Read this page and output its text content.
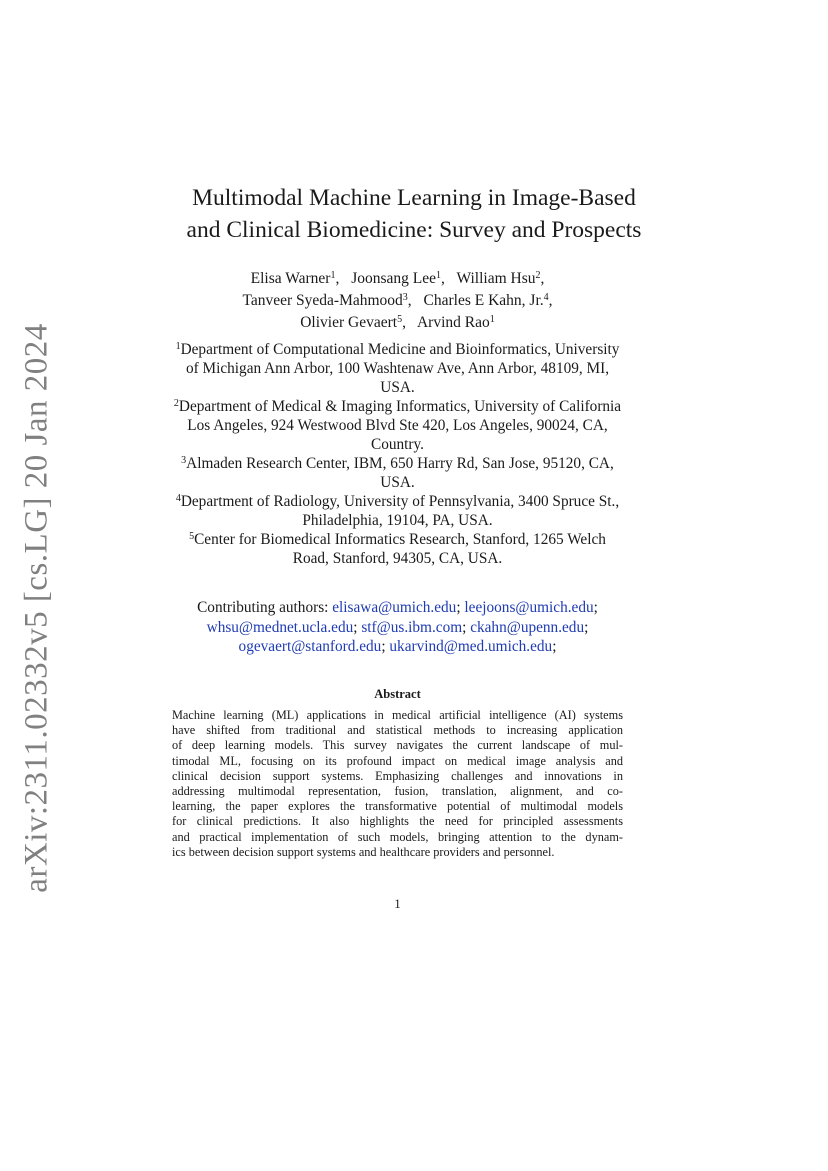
arXiv:2311.02332v5 [cs.LG] 20 Jan 2024
Multimodal Machine Learning in Image-Based
and Clinical Biomedicine: Survey and Prospects
Elisa Warner$^1$, Joonsang Lee$^1$, William Hsu$^2$,
Tanveer Syeda-Mahmood$^3$, Charles E Kahn, Jr.$^4$,
Olivier Gevaert$^5$, Arvind Rao$^1$
$^1$Department of Computational Medicine and Bioinformatics, University
of Michigan Ann Arbor, 100 Washtenaw Ave, Ann Arbor, 48109, MI,
USA.
$^2$Department of Medical & Imaging Informatics, University of California
Los Angeles, 924 Westwood Blvd Ste 420, Los Angeles, 90024, CA,
Country.
$^3$Almaden Research Center, IBM, 650 Harry Rd, San Jose, 95120, CA,
USA.
$^4$Department of Radiology, University of Pennsylvania, 3400 Spruce St.,
Philadelphia, 19104, PA, USA.
$^5$Center for Biomedical Informatics Research, Stanford, 1265 Welch
Road, Stanford, 94305, CA, USA.
Contributing authors: elisawa@umich.edu; leejoons@umich.edu;
whsu@mednet.ucla.edu; stf@us.ibm.com; ckahn@upenn.edu;
ogevaert@stanford.edu; ukarvind@med.umich.edu;
Abstract
Machine learning (ML) applications in medical artificial intelligence (AI) systems
have shifted from traditional and statistical methods to increasing application
of deep learning models. This survey navigates the current landscape of mul-
timodal ML, focusing on its profound impact on medical image analysis and
clinical decision support systems. Emphasizing challenges and innovations in
addressing multimodal representation, fusion, translation, alignment, and co-
learning, the paper explores the transformative potential of multimodal models
for clinical predictions. It also highlights the need for principled assessments
and practical implementation of such models, bringing attention to the dynam-
ics between decision support systems and healthcare providers and personnel.
1
